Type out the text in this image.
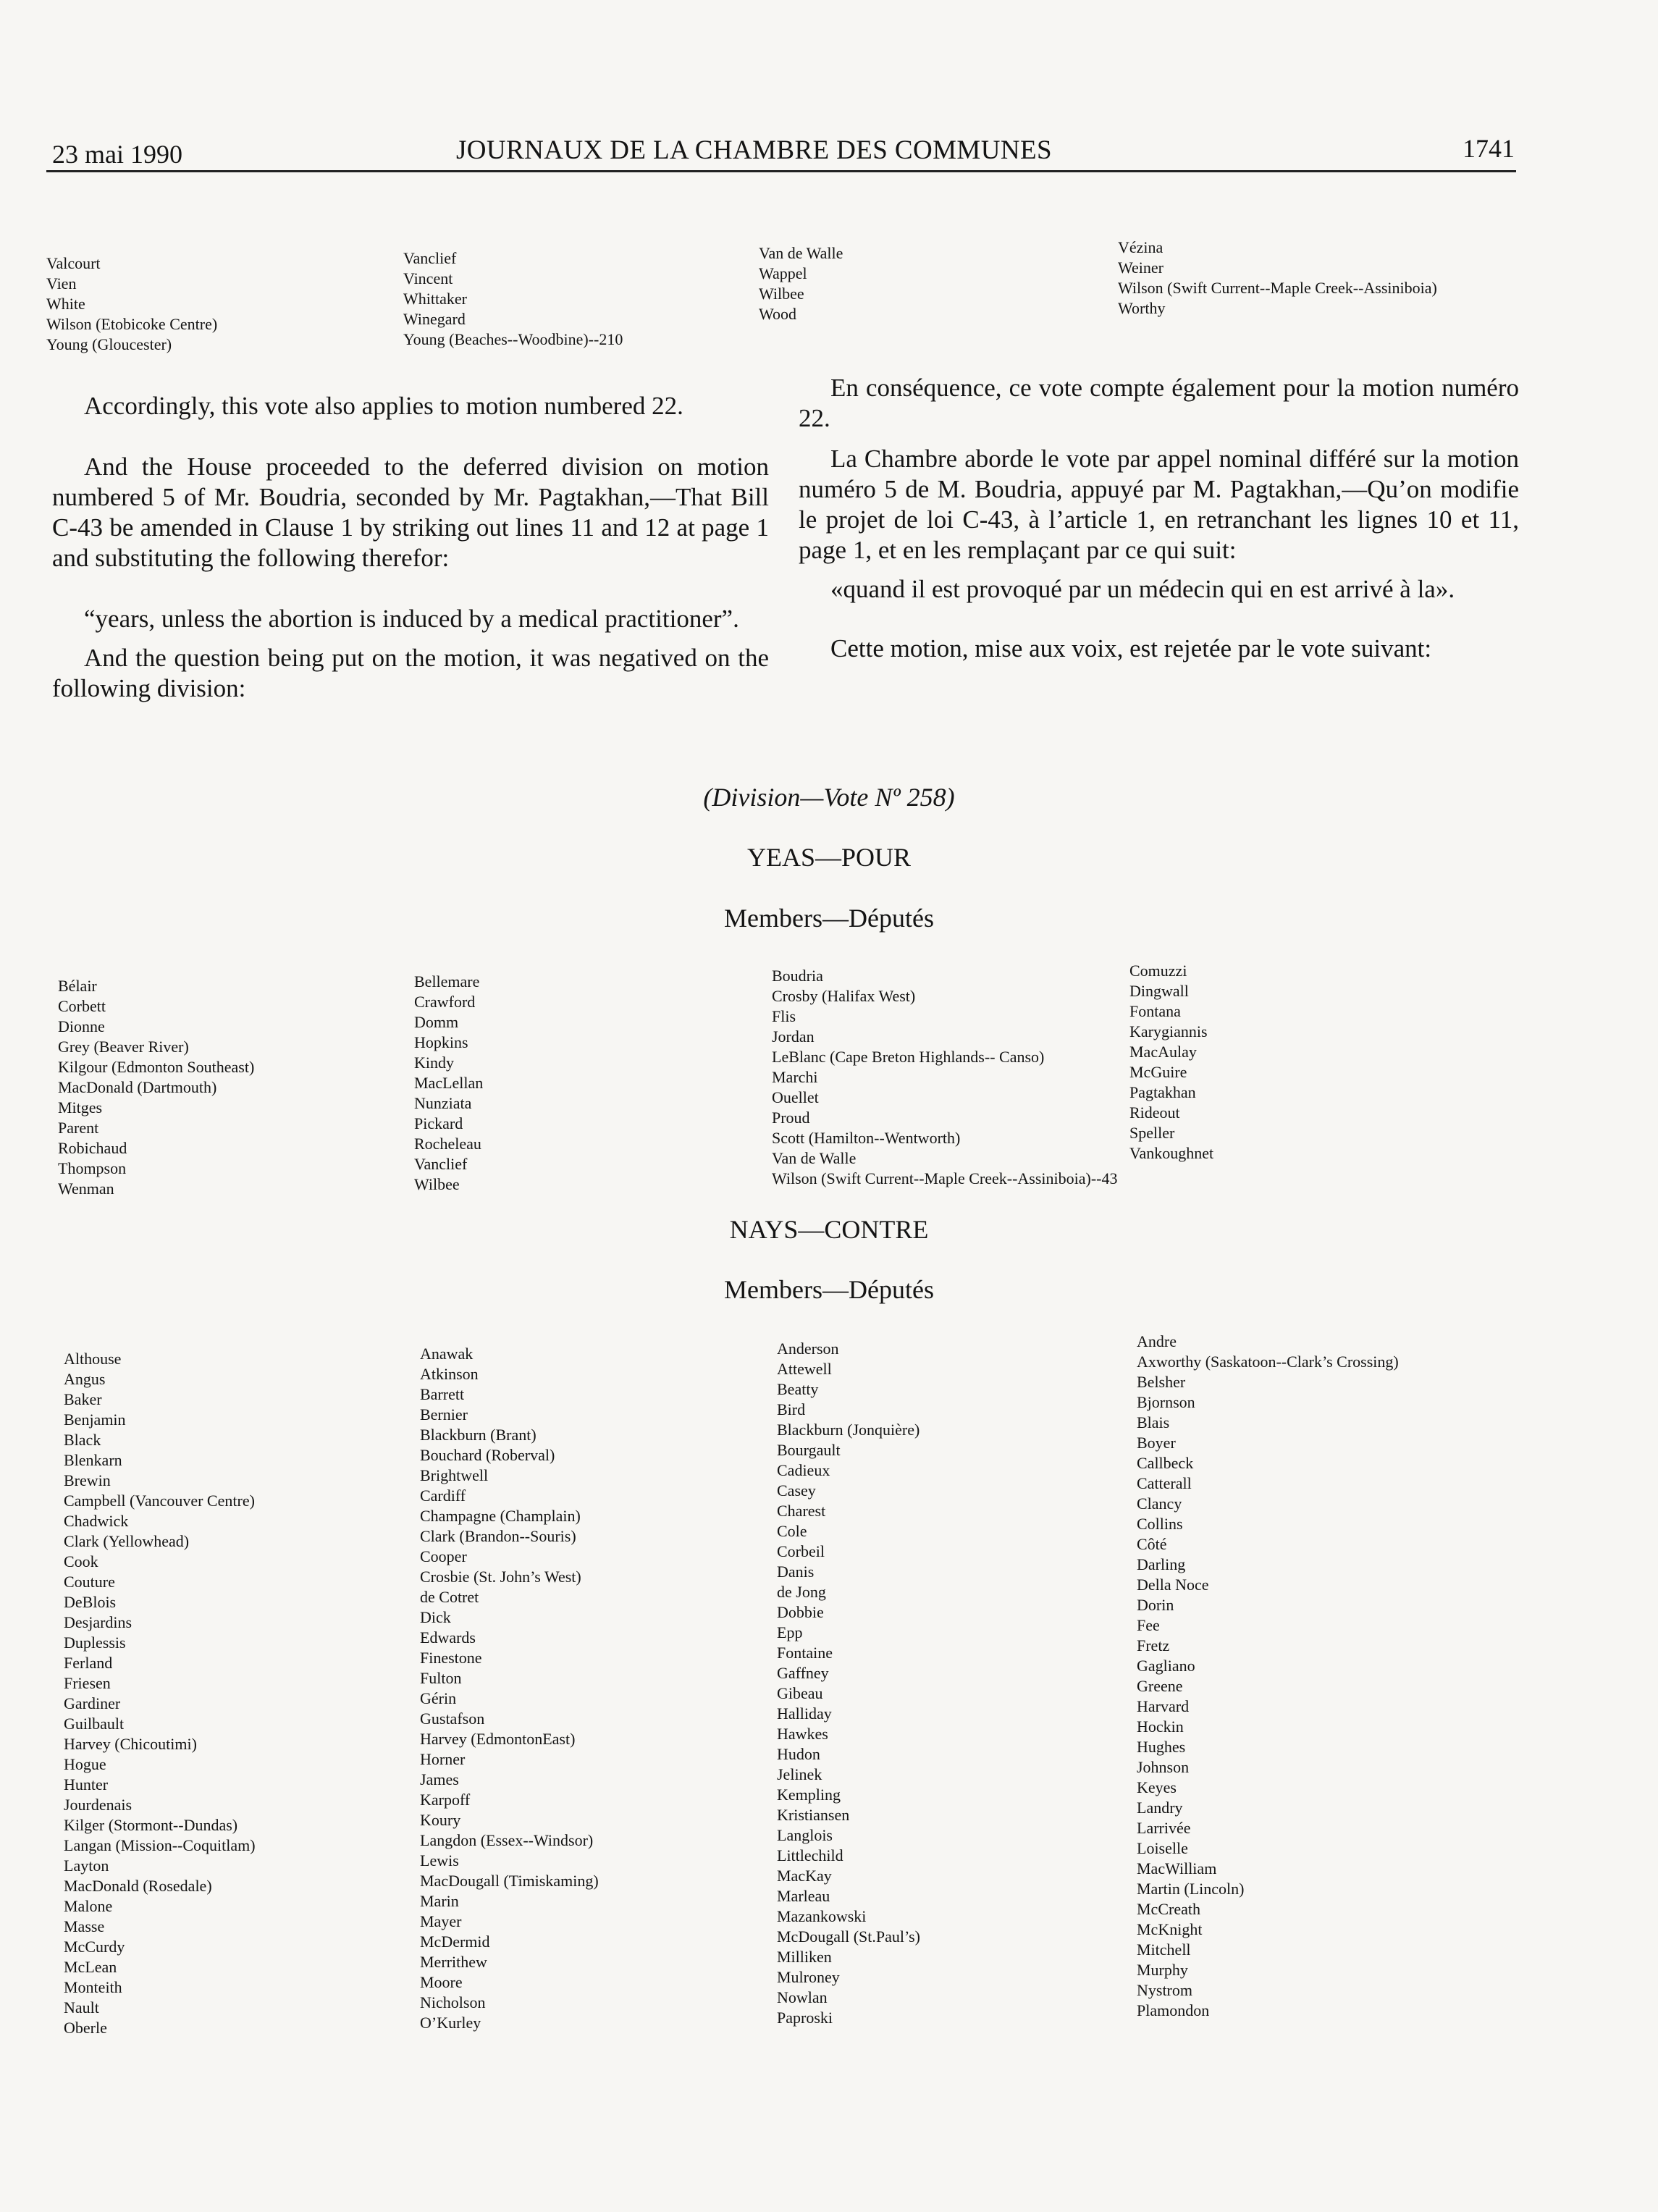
23 mai 1990	JOURNAUX DE LA CHAMBRE DES COMMUNES	1741
Valcourt
Vien
White
Wilson (Etobicoke Centre)
Young (Gloucester)
Vanclief
Vincent
Whittaker
Winegard
Young (Beaches--Woodbine)--210
Van de Walle
Wappel
Wilbee
Wood
Vézina
Weiner
Wilson (Swift Current--Maple Creek--Assiniboia)
Worthy

Accordingly, this vote also applies to motion numbered 22.

And the House proceeded to the deferred division on motion numbered 5 of Mr. Boudria, seconded by Mr. Pagtakhan,—That Bill C-43 be amended in Clause 1 by striking out lines 11 and 12 at page 1 and substituting the following therefor:

“years, unless the abortion is induced by a medical practitioner”.

And the question being put on the motion, it was negatived on the following division:

En conséquence, ce vote compte également pour la motion numéro 22.

La Chambre aborde le vote par appel nominal différé sur la motion numéro 5 de M. Boudria, appuyé par M. Pagtakhan,—Qu’on modifie le projet de loi C-43, à l’article 1, en retranchant les lignes 10 et 11, page 1, et en les remplaçant par ce qui suit:

«quand il est provoqué par un médecin qui en est arrivé à la».

Cette motion, mise aux voix, est rejetée par le vote suivant:

(Division—Vote Nº 258)
YEAS—POUR
Members—Députés
Bélair
Corbett
Dionne
Grey (Beaver River)
Kilgour (Edmonton Southeast)
MacDonald (Dartmouth)
Mitges
Parent
Robichaud
Thompson
Wenman
Bellemare
Crawford
Domm
Hopkins
Kindy
MacLellan
Nunziata
Pickard
Rocheleau
Vanclief
Wilbee
Boudria
Crosby (Halifax West)
Flis
Jordan
LeBlanc (Cape Breton Highlands-- Canso)
Marchi
Ouellet
Proud
Scott (Hamilton--Wentworth)
Van de Walle
Wilson (Swift Current--Maple Creek--Assiniboia)--43
Comuzzi
Dingwall
Fontana
Karygiannis
MacAulay
McGuire
Pagtakhan
Rideout
Speller
Vankoughnet
NAYS—CONTRE
Members—Députés
Althouse
Angus
Baker
Benjamin
Black
Blenkarn
Brewin
Campbell (Vancouver Centre)
Chadwick
Clark (Yellowhead)
Cook
Couture
DeBlois
Desjardins
Duplessis
Ferland
Friesen
Gardiner
Guilbault
Harvey (Chicoutimi)
Hogue
Hunter
Jourdenais
Kilger (Stormont--Dundas)
Langan (Mission--Coquitlam)
Layton
MacDonald (Rosedale)
Malone
Masse
McCurdy
McLean
Monteith
Nault
Oberle
Anawak
Atkinson
Barrett
Bernier
Blackburn (Brant)
Bouchard (Roberval)
Brightwell
Cardiff
Champagne (Champlain)
Clark (Brandon--Souris)
Cooper
Crosbie (St. John’s West)
de Cotret
Dick
Edwards
Finestone
Fulton
Gérin
Gustafson
Harvey (EdmontonEast)
Horner
James
Karpoff
Koury
Langdon (Essex--Windsor)
Lewis
MacDougall (Timiskaming)
Marin
Mayer
McDermid
Merrithew
Moore
Nicholson
O’Kurley
Anderson
Attewell
Beatty
Bird
Blackburn (Jonquière)
Bourgault
Cadieux
Casey
Charest
Cole
Corbeil
Danis
de Jong
Dobbie
Epp
Fontaine
Gaffney
Gibeau
Halliday
Hawkes
Hudon
Jelinek
Kempling
Kristiansen
Langlois
Littlechild
MacKay
Marleau
Mazankowski
McDougall (St.Paul’s)
Milliken
Mulroney
Nowlan
Paproski
Andre
Axworthy (Saskatoon--Clark’s Crossing)
Belsher
Bjornson
Blais
Boyer
Callbeck
Catterall
Clancy
Collins
Côté
Darling
Della Noce
Dorin
Fee
Fretz
Gagliano
Greene
Harvard
Hockin
Hughes
Johnson
Keyes
Landry
Larrivée
Loiselle
MacWilliam
Martin (Lincoln)
McCreath
McKnight
Mitchell
Murphy
Nystrom
Plamondon
